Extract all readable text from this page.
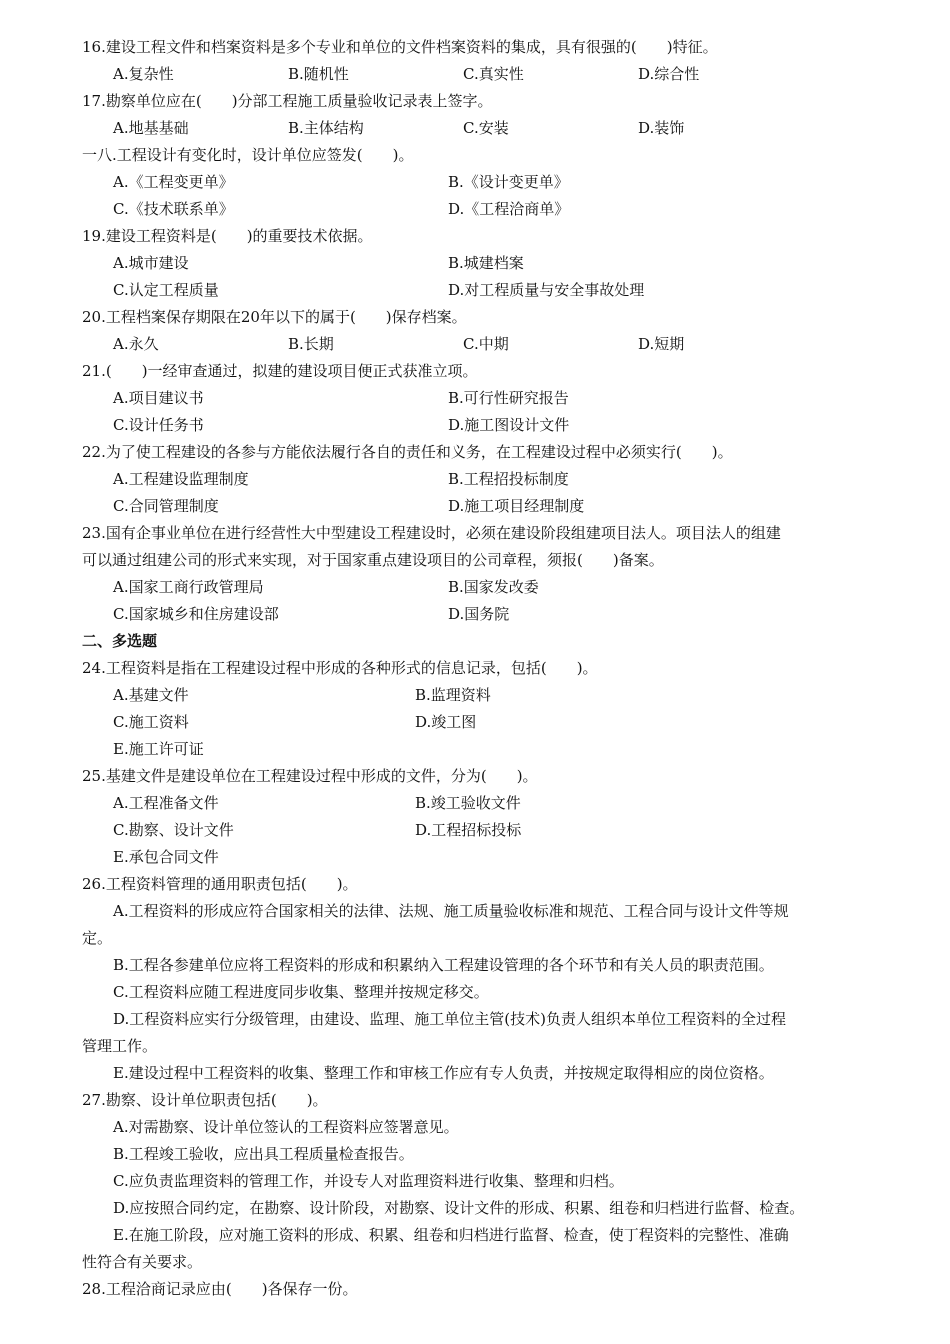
16.建设工程文件和档案资料是多个专业和单位的文件档案资料的集成，具有很强的(　　)特征。
A.复杂性	B.随机性	C.真实性	D.综合性
17.勘察单位应在(　　)分部工程施工质量验收记录表上签字。
A.地基基础	B.主体结构	C.安装	D.装饰
一八.工程设计有变化时，设计单位应签发(　　)。
A.《工程变更单》	B.《设计变更单》
C.《技术联系单》	D.《工程洽商单》
19.建设工程资料是(　　)的重要技术依据。
A.城市建设	B.城建档案
C.认定工程质量	D.对工程质量与安全事故处理
20.工程档案保存期限在20年以下的属于(　　)保存档案。
A.永久	B.长期	C.中期	D.短期
21.(　　)一经审查通过，拟建的建设项目便正式获准立项。
A.项目建议书	B.可行性研究报告
C.设计任务书	D.施工图设计文件
22.为了使工程建设的各参与方能依法履行各自的责任和义务，在工程建设过程中必须实行(　　)。
A.工程建设监理制度	B.工程招投标制度
C.合同管理制度	D.施工项目经理制度
23.国有企事业单位在进行经营性大中型建设工程建设时，必须在建设阶段组建项目法人。项目法人的组建
可以通过组建公司的形式来实现，对于国家重点建设项目的公司章程，须报(　　)备案。
A.国家工商行政管理局	B.国家发改委
C.国家城乡和住房建设部	D.国务院
二、多选题
24.工程资料是指在工程建设过程中形成的各种形式的信息记录，包括(　　)。
A.基建文件	B.监理资料
C.施工资料	D.竣工图
E.施工许可证
25.基建文件是建设单位在工程建设过程中形成的文件，分为(　　)。
A.工程准备文件	B.竣工验收文件
C.勘察、设计文件	D.工程招标投标
E.承包合同文件
26.工程资料管理的通用职责包括(　　)。
A.工程资料的形成应符合国家相关的法律、法规、施工质量验收标准和规范、工程合同与设计文件等规
定。
B.工程各参建单位应将工程资料的形成和积累纳入工程建设管理的各个环节和有关人员的职责范围。
C.工程资料应随工程进度同步收集、整理并按规定移交。
D.工程资料应实行分级管理，由建设、监理、施工单位主管(技术)负责人组织本单位工程资料的全过程
管理工作。
E.建设过程中工程资料的收集、整理工作和审核工作应有专人负责，并按规定取得相应的岗位资格。
27.勘察、设计单位职责包括(　　)。
A.对需勘察、设计单位签认的工程资料应签署意见。
B.工程竣工验收，应出具工程质量检查报告。
C.应负责监理资料的管理工作，并设专人对监理资料进行收集、整理和归档。
D.应按照合同约定，在勘察、设计阶段，对勘察、设计文件的形成、积累、组卷和归档进行监督、检查。
E.在施工阶段，应对施工资料的形成、积累、组卷和归档进行监督、检查，使丁程资料的完整性、准确
性符合有关要求。
28.工程洽商记录应由(　　)各保存一份。
